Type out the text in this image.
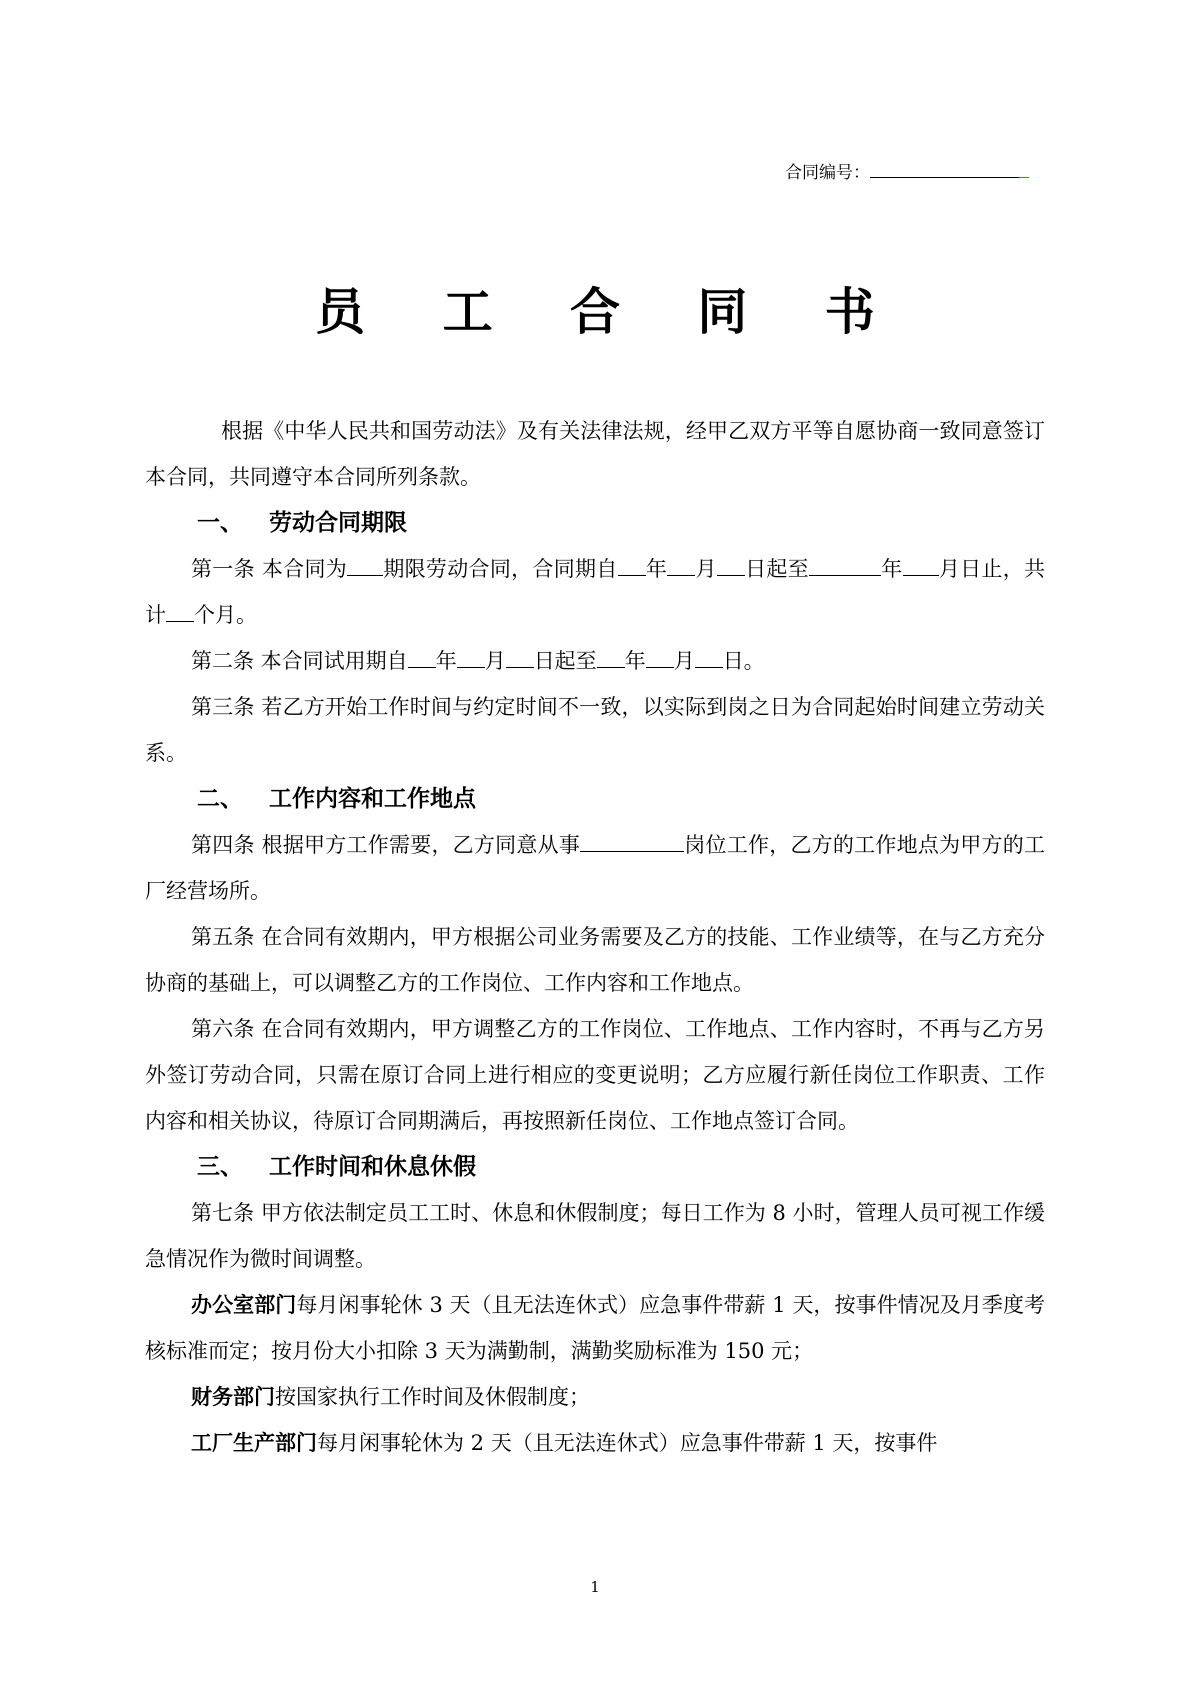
合同编号：
员 工 合 同 书

根据《中华人民共和国劳动法》及有关法律法规，经甲乙双方平等自愿协商一致同意签订本合同，共同遵守本合同所列条款。

一、 劳动合同期限

第一条 本合同为 期限劳动合同，合同期自 年 月 日起至	年 月日止，共计 个月。

第二条 本合同试用期自 年 月 日起至 年 月 日。

第三条 若乙方开始工作时间与约定时间不一致，以实际到岗之日为合同起始时间建立劳动关系。

二、 工作内容和工作地点

第四条 根据甲方工作需要，乙方同意从事	岗位工作，乙方的工作地点为甲方的工厂经营场所。

第五条 在合同有效期内，甲方根据公司业务需要及乙方的技能、工作业绩等，在与乙方充分协商的基础上，可以调整乙方的工作岗位、工作内容和工作地点。

第六条 在合同有效期内，甲方调整乙方的工作岗位、工作地点、工作内容时，不再与乙方另外签订劳动合同，只需在原订合同上进行相应的变更说明；乙方应履行新任岗位工作职责、工作内容和相关协议，待原订合同期满后，再按照新任岗位、工作地点签订合同。

三、 工作时间和休息休假

第七条 甲方依法制定员工工时、休息和休假制度；每日工作为 8 小时，管理人员可视工作缓急情况作为微时间调整。

办公室部门每月闲事轮休 3 天（且无法连休式）应急事件带薪 1 天，按事件情况及月季度考核标准而定；按月份大小扣除 3 天为满勤制，满勤奖励标准为 150 元；

财务部门按国家执行工作时间及休假制度；

工厂生产部门每月闲事轮休为 2 天（且无法连休式）应急事件带薪 1 天，按事件

1
